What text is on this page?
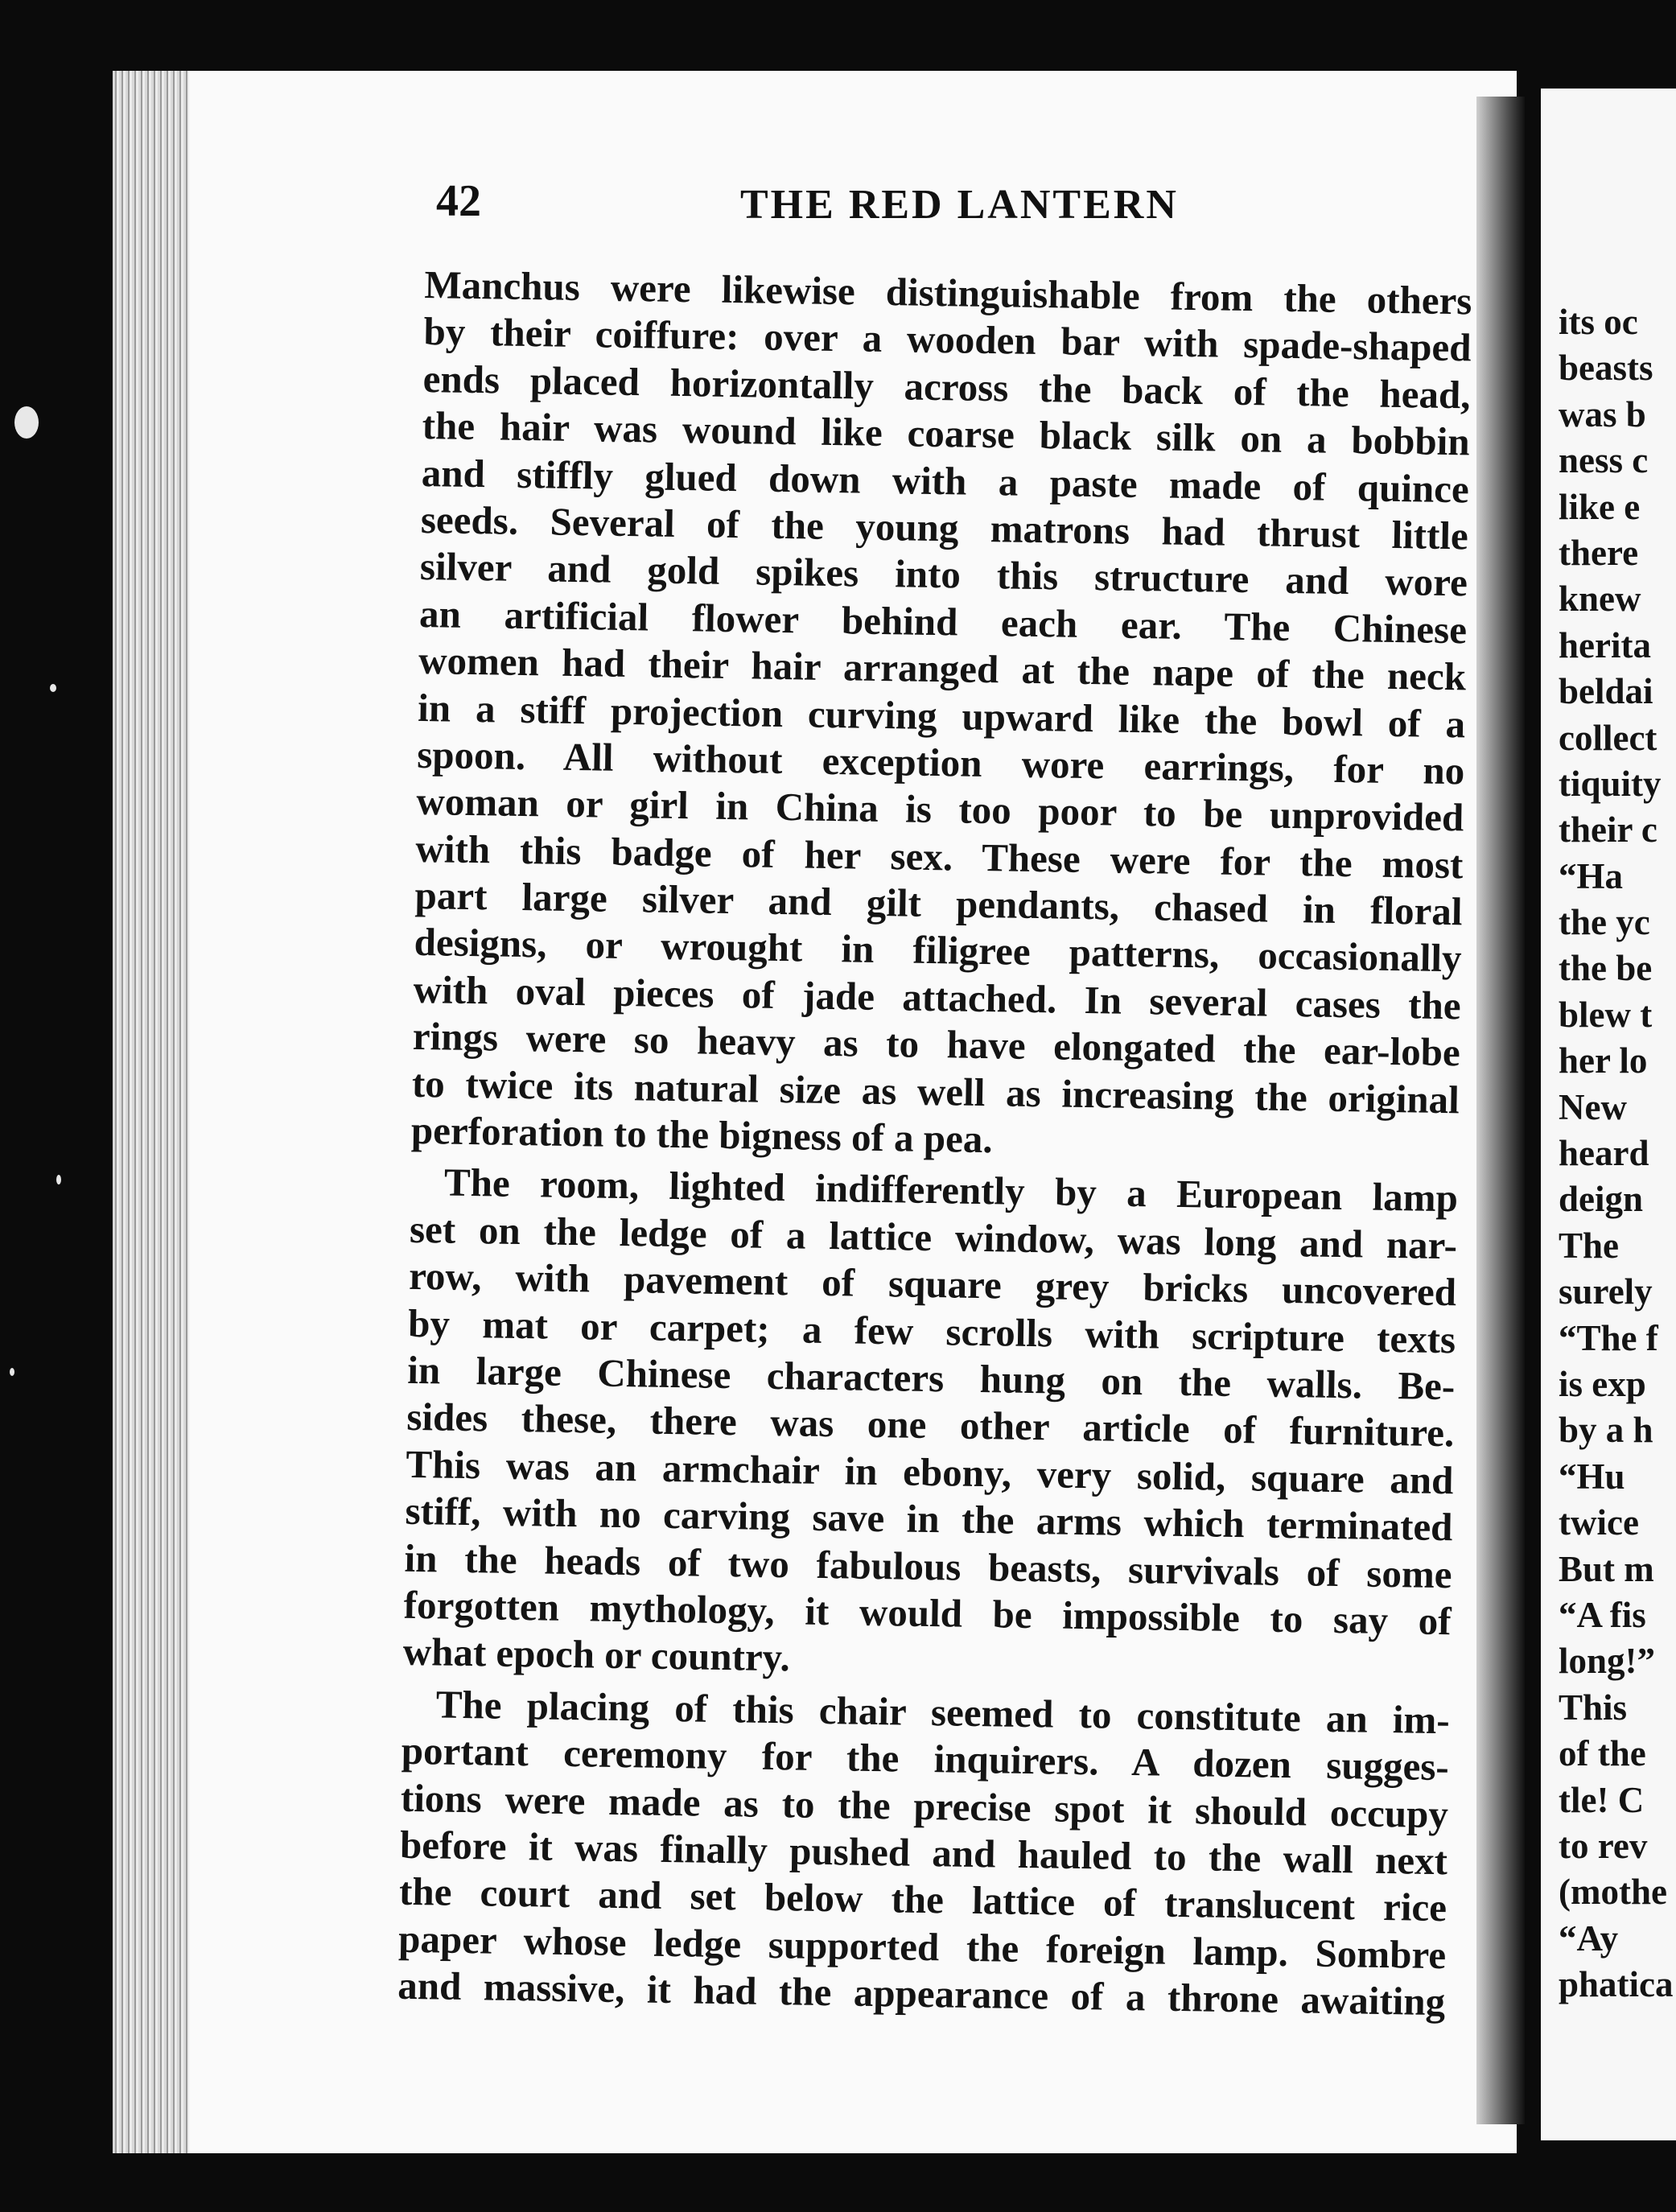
42	THE RED LANTERN
Manchus were likewise distinguishable from the others
by their coiffure: over a wooden bar with spade-shaped
ends placed horizontally across the back of the head,
the hair was wound like coarse black silk on a bobbin
and stiffly glued down with a paste made of quince
seeds. Several of the young matrons had thrust little
silver and gold spikes into this structure and wore
an artificial flower behind each ear. The Chinese
women had their hair arranged at the nape of the neck
in a stiff projection curving upward like the bowl of a
spoon. All without exception wore earrings, for no
woman or girl in China is too poor to be unprovided
with this badge of her sex. These were for the most
part large silver and gilt pendants, chased in floral
designs, or wrought in filigree patterns, occasionally
with oval pieces of jade attached. In several cases the
rings were so heavy as to have elongated the ear-lobe
to twice its natural size as well as increasing the original
perforation to the bigness of a pea.
The room, lighted indifferently by a European lamp
set on the ledge of a lattice window, was long and nar-
row, with pavement of square grey bricks uncovered
by mat or carpet; a few scrolls with scripture texts
in large Chinese characters hung on the walls. Be-
sides these, there was one other article of furniture.
This was an armchair in ebony, very solid, square and
stiff, with no carving save in the arms which terminated
in the heads of two fabulous beasts, survivals of some
forgotten mythology, it would be impossible to say of
what epoch or country.
The placing of this chair seemed to constitute an im-
portant ceremony for the inquirers. A dozen sugges-
tions were made as to the precise spot it should occupy
before it was finally pushed and hauled to the wall next
the court and set below the lattice of translucent rice
paper whose ledge supported the foreign lamp. Sombre
and massive, it had the appearance of a throne awaiting
its oc
beasts
was b
ness c
like e
there
knew
herita
beldai
collect
tiquity
their c
“Ha
the yc
the be
blew t
her lo
New
heard
deign
The
surely
“The f
is exp
by a h
“Hu
twice
But m
“A fis
long!”
This
of the
tle! C
to rev
(mothe
“Ay
phatica
